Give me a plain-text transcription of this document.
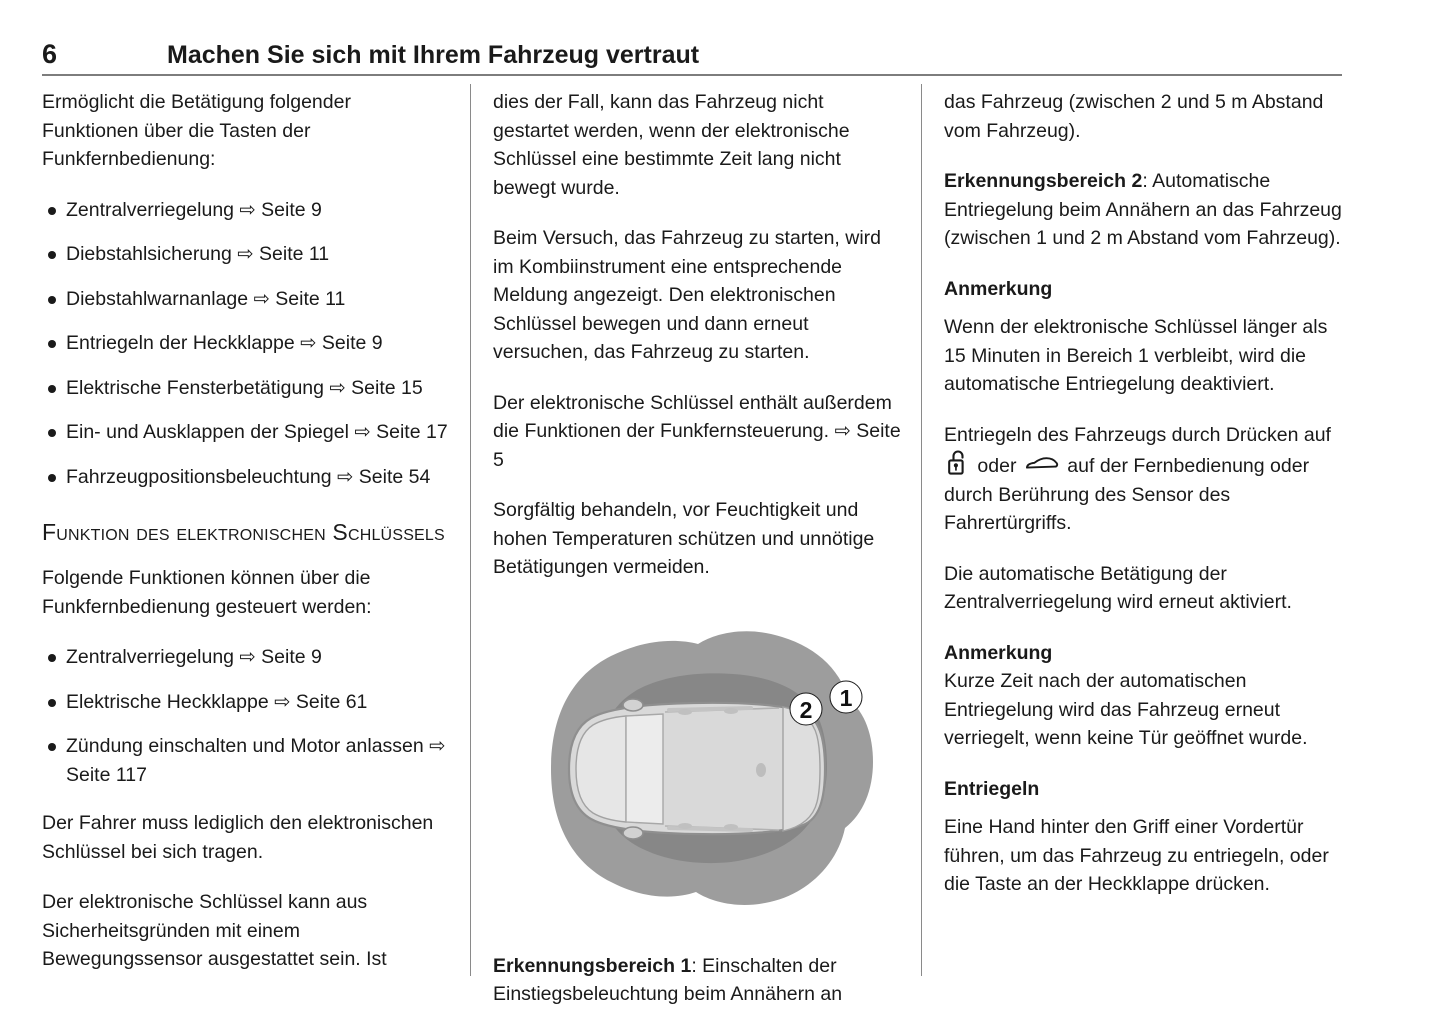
6	Machen Sie sich mit Ihrem Fahrzeug vertraut

Ermöglicht die Betätigung folgender Funktionen über die Tasten der Funkfernbedienung:

Zentralverriegelung ⇨ Seite 9
Diebstahlsicherung ⇨ Seite 11
Diebstahlwarnanlage ⇨ Seite 11
Entriegeln der Heckklappe ⇨ Seite 9
Elektrische Fensterbetätigung ⇨ Seite 15
Ein- und Ausklappen der Spiegel ⇨ Seite 17
Fahrzeugpositionsbeleuchtung ⇨ Seite 54
Funktion des elektronischen Schlüssels

Folgende Funktionen können über die Funkfernbedienung gesteuert werden:

Zentralverriegelung ⇨ Seite 9
Elektrische Heckklappe ⇨ Seite 61
Zündung einschalten und Motor anlassen ⇨ Seite 117

Der Fahrer muss lediglich den elektronischen Schlüssel bei sich tragen.

Der elektronische Schlüssel kann aus Sicherheitsgründen mit einem Bewegungssensor ausgestattet sein. Ist

dies der Fall, kann das Fahrzeug nicht gestartet werden, wenn der elektronische Schlüssel eine bestimmte Zeit lang nicht bewegt wurde.

Beim Versuch, das Fahrzeug zu starten, wird im Kombiinstrument eine entsprechende Meldung angezeigt. Den elektronischen Schlüssel bewegen und dann erneut versuchen, das Fahrzeug zu starten.

Der elektronische Schlüssel enthält außerdem die Funktionen der Funkfernsteuerung. ⇨ Seite 5

Sorgfältig behandeln, vor Feuchtigkeit und hohen Temperaturen schützen und unnötige Betätigungen vermeiden.

1
2

Erkennungsbereich 1: Einschalten der Einstiegsbeleuchtung beim Annähern an

das Fahrzeug (zwischen 2 und 5 m Abstand vom Fahrzeug).

Erkennungsbereich 2: Automatische Entriegelung beim Annähern an das Fahrzeug (zwischen 1 und 2 m Abstand vom Fahrzeug).

Anmerkung

Wenn der elektronische Schlüssel länger als 15 Minuten in Bereich 1 verbleibt, wird die automatische Entriegelung deaktiviert.

Entriegeln des Fahrzeugs durch Drücken auf  oder	auf der Fernbedienung oder durch Berührung des Sensor des Fahrertürgriffs.

Die automatische Betätigung der Zentralverriegelung wird erneut aktiviert.

Anmerkung

Kurze Zeit nach der automatischen Entriegelung wird das Fahrzeug erneut verriegelt, wenn keine Tür geöffnet wurde.

Entriegeln

Eine Hand hinter den Griff einer Vordertür führen, um das Fahrzeug zu entriegeln, oder die Taste an der Heckklappe drücken.
